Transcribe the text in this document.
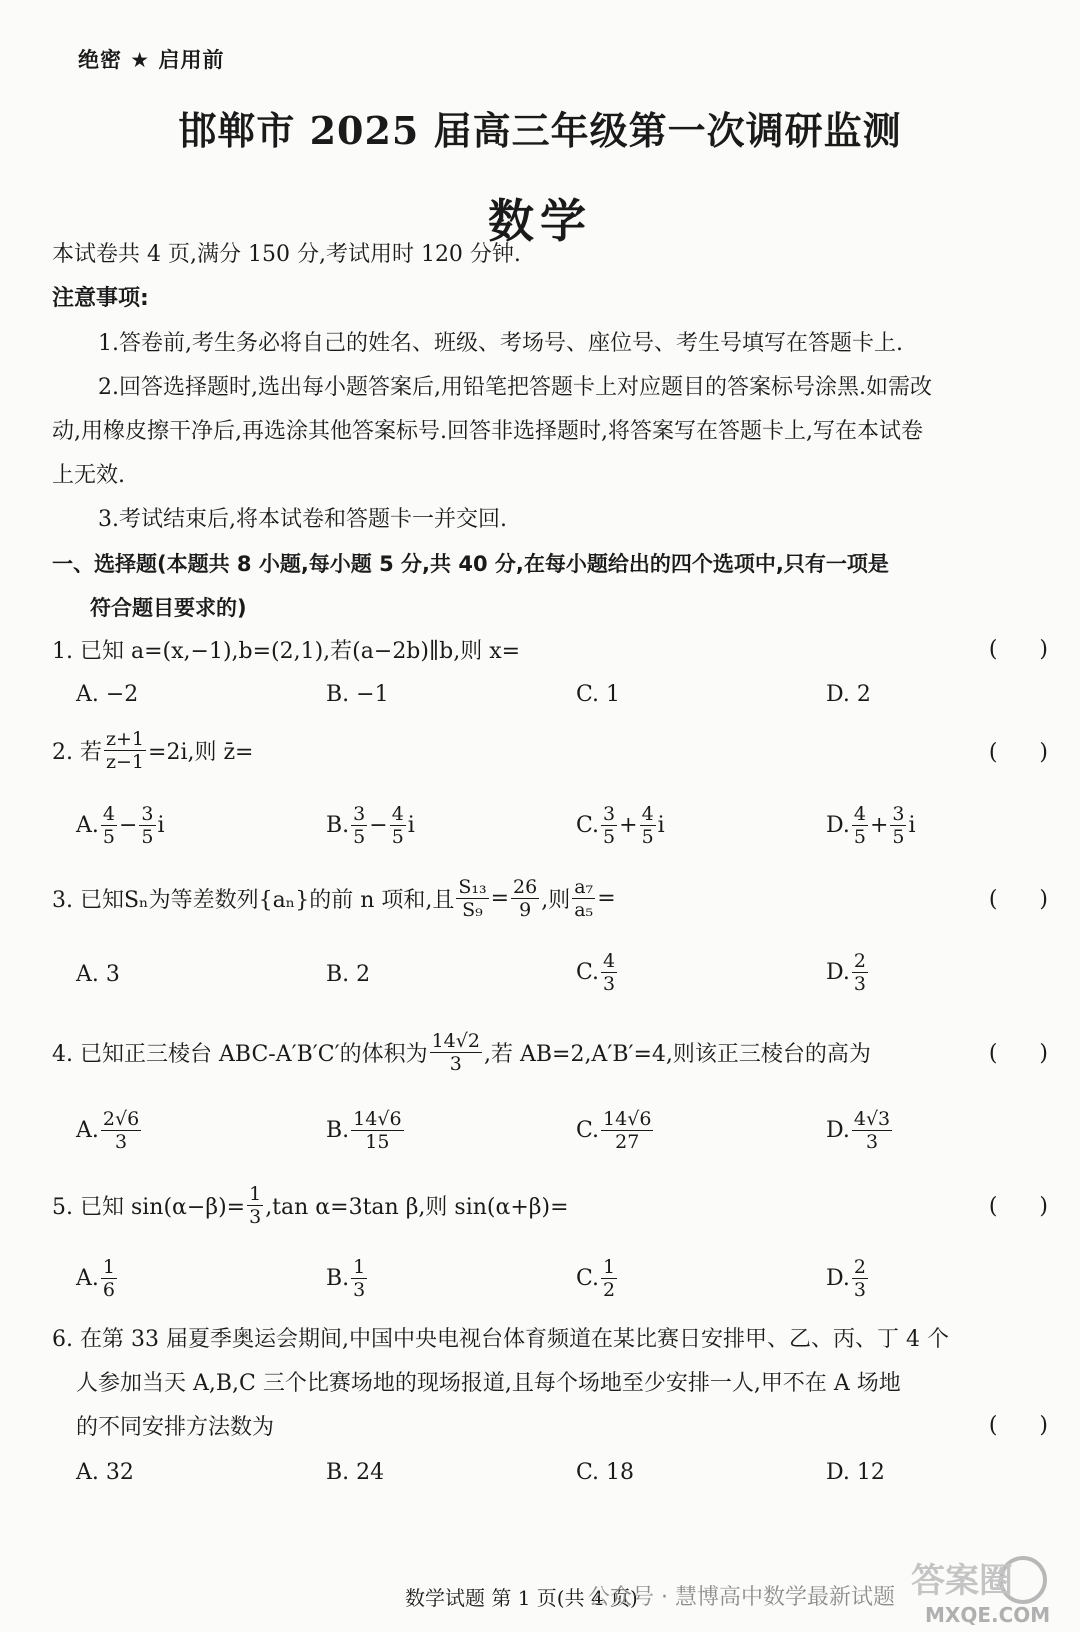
绝密 ★ 启用前
邯郸市 2025 届高三年级第一次调研监测
数学
本试卷共 4 页,满分 150 分,考试用时 120 分钟.
注意事项:
1.答卷前,考生务必将自己的姓名、班级、考场号、座位号、考生号填写在答题卡上.
2.回答选择题时,选出每小题答案后,用铅笔把答题卡上对应题目的答案标号涂黑.如需改
动,用橡皮擦干净后,再选涂其他答案标号.回答非选择题时,将答案写在答题卡上,写在本试卷
上无效.
3.考试结束后,将本试卷和答题卡一并交回.
一、选择题(本题共 8 小题,每小题 5 分,共 40 分,在每小题给出的四个选项中,只有一项是
符合题目要求的)
1. 已知 a=(x,−1),b=(2,1),若(a−2b)∥b,则 x=	(      )
A. −2	B. −1	C. 1	D. 2
2. 若 $\frac{z+1}{z-1} =2i$,则 z̄=	(      )
A. $\frac{4}{5} - \frac{3}{5}$ i	B. $\frac{3}{5} - \frac{4}{5}$ i	C. $\frac{3}{5} + \frac{4}{5}$ i	D. $\frac{4}{5} + \frac{3}{5}$ i
3. 已知Sₙ为等差数列{aₙ}的前 n 项和,且 $\frac{\text{S₁₃}}{\text{S₉}} = \frac{26}{9}$ ,则 $\frac{\text{a₇}}{\text{a₅}}$ =	(      )
A. 3	B. 2	C. $\frac{4}{3}$	D. $\frac{2}{3}$
4. 已知正三棱台 ABC-A′B′C′的体积为 $\frac{14√2}{3}$ ,若 AB=2,A′B′=4,则该正三棱台的高为	(      )
A. $\frac{2√6}{3}$	B. $\frac{14√6}{15}$	C. $\frac{14√6}{27}$	D. $\frac{4√3}{3}$
5. 已知 $\sin(\alpha-\beta)= \frac{1}{3} ,\tan$ α=3tan β,则 sin(α+β)=	(      )
A. $\frac{1}{6}$	B. $\frac{1}{3}$	C. $\frac{1}{2}$	D. $\frac{2}{3}$
6. 在第 33 届夏季奥运会期间,中国中央电视台体育频道在某比赛日安排甲、乙、丙、丁 4 个
人参加当天 A,B,C 三个比赛场地的现场报道,且每个场地至少安排一人,甲不在 A 场地
的不同安排方法数为	(      )
A. 32	B. 24	C. 18	D. 12
数学试题 第 1 页(共 4 页)
公众号 · 慧博高中数学最新试题 答案圈
MXQE.COM
